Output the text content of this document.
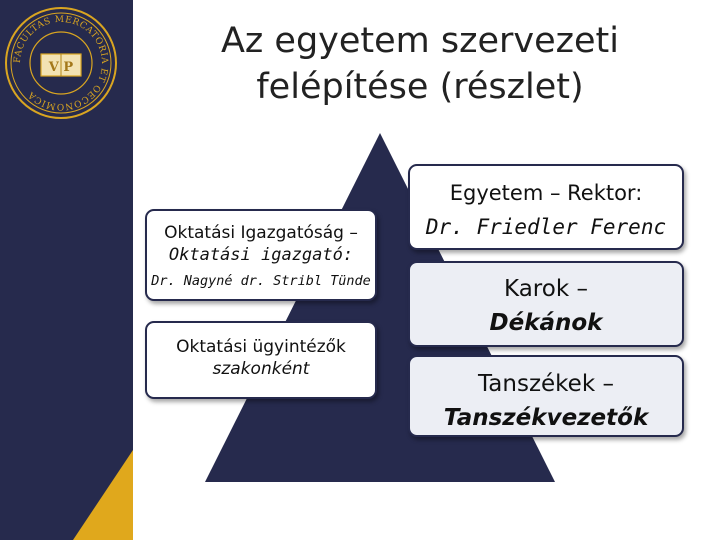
FACULTAS MERCATORIA ET OECONOMICA
V P
Az egyetem szervezeti
felépítése (részlet)
Oktatási Igazgatóság –
Oktatási igazgató:
Dr. Nagyné dr. Stribl Tünde
Oktatási ügyintézők
szakonként
Egyetem – Rektor:
Dr. Friedler Ferenc
Karok –
Dékánok
Tanszékek –
Tanszékvezetők
